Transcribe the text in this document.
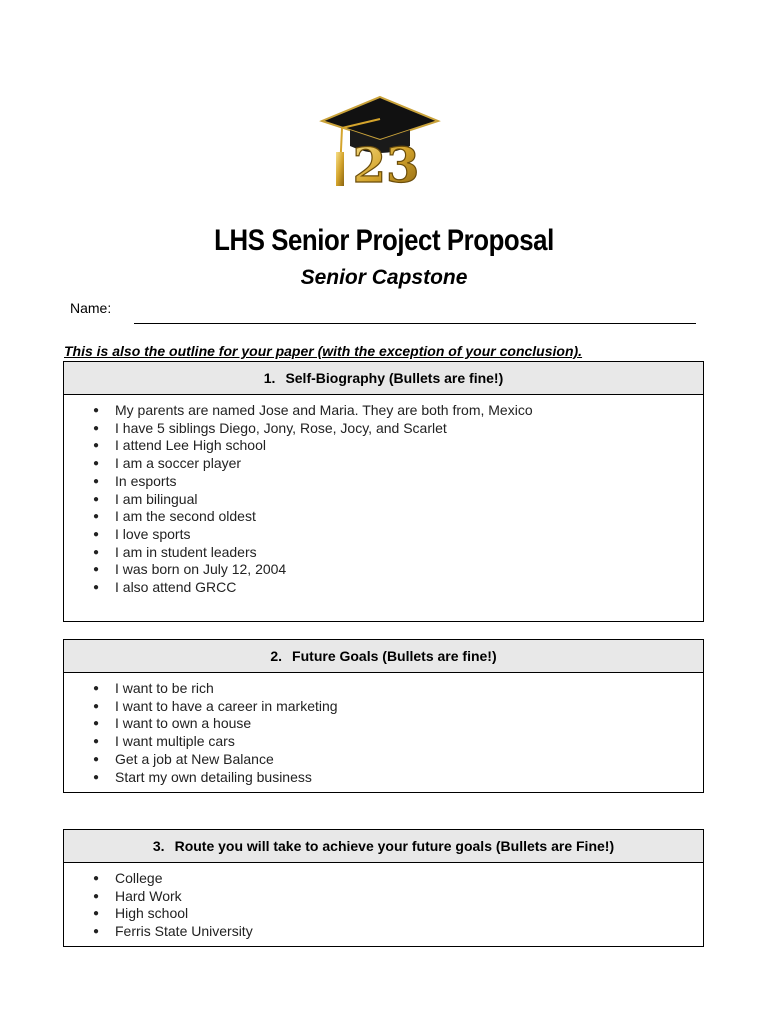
23
LHS Senior Project Proposal
Senior Capstone
Name:
This is also the outline for your paper (with the exception of your conclusion).
1. Self-Biography (Bullets are fine!)
● My parents are named Jose and Maria. They are both from, Mexico
● I have 5 siblings Diego, Jony, Rose, Jocy, and Scarlet
● I attend Lee High school
● I am a soccer player
● In esports
● I am bilingual
● I am the second oldest
● I love sports
● I am in student leaders
● I was born on July 12, 2004
● I also attend GRCC
2. Future Goals (Bullets are fine!)
● I want to be rich
● I want to have a career in marketing
● I want to own a house
● I want multiple cars
● Get a job at New Balance
● Start my own detailing business
3. Route you will take to achieve your future goals (Bullets are Fine!)
● College
● Hard Work
● High school
● Ferris State University
